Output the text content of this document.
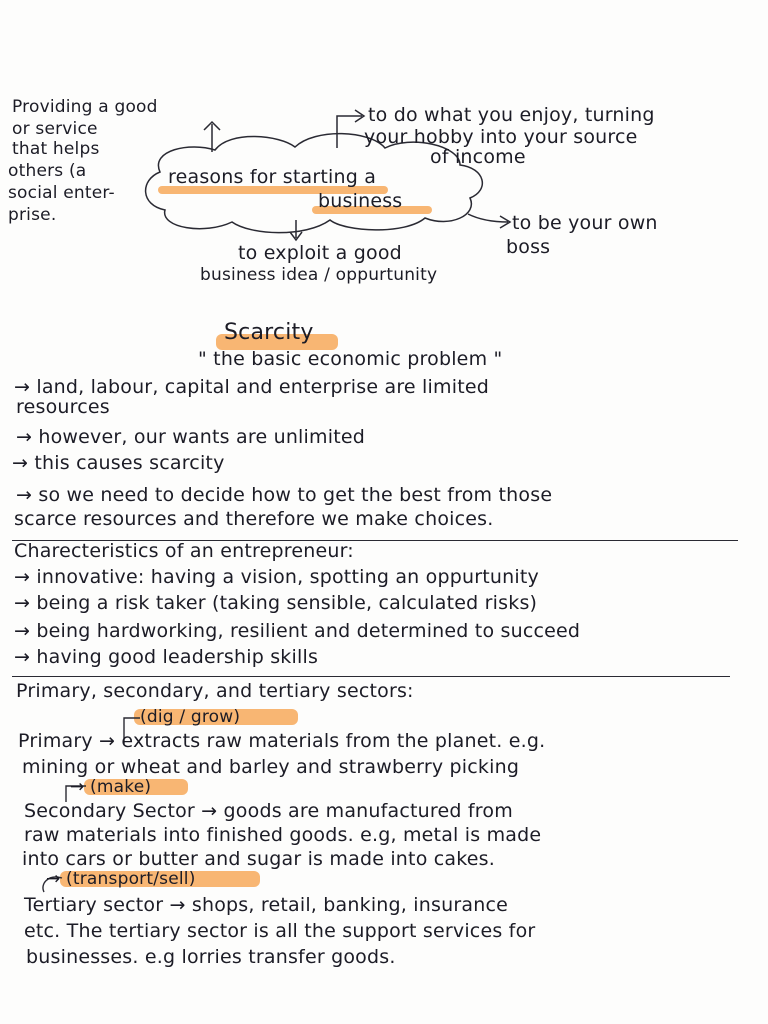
reasons for starting a
business
Providing a good
or service
that helps
others (a
social enter-
prise.
to do what you enjoy, turning
your hobby into your source
of income
to be your own
boss
to exploit a good
business idea / oppurtunity
Scarcity
" the basic economic problem "
→ land, labour, capital and enterprise are limited
resources
→ however, our wants are unlimited
→ this causes scarcity
→ so we need to decide how to get the best from those
scarce resources and therefore we make choices.
Charecteristics of an entrepreneur:
→ innovative: having a vision, spotting an oppurtunity
→ being a risk taker (taking sensible, calculated risks)
→ being hardworking, resilient and determined to succeed
→ having good leadership skills
Primary, secondary, and tertiary sectors:
(dig / grow)
Primary → extracts raw materials from the planet. e.g.
mining or wheat and barley and strawberry picking
→ (make)
Secondary Sector → goods are manufactured from
raw materials into finished goods. e.g, metal is made
into cars or butter and sugar is made into cakes.
→ (transport/sell)
Tertiary sector → shops, retail, banking, insurance
etc. The tertiary sector is all the support services for
businesses. e.g lorries transfer goods.
